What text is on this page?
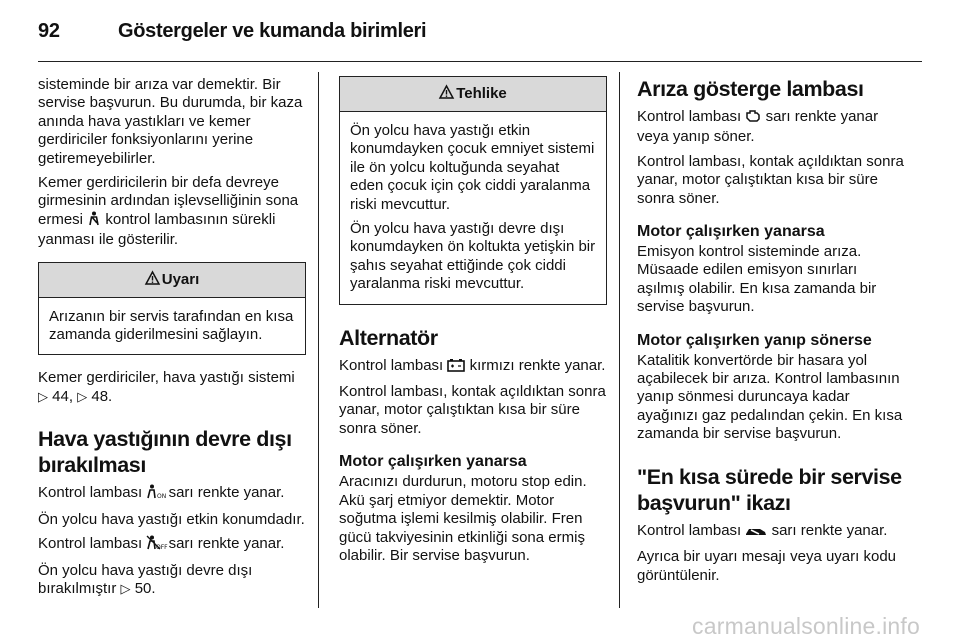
92	Göstergeler ve kumanda birimleri

sisteminde bir arıza var demektir. Bir servise başvurun. Bu durumda, bir kaza anında hava yastıkları ve kemer gerdiriciler fonksiyonlarını yerine getiremeyebilirler.

Kemer gerdiricilerin bir defa devreye girmesinin ardından işlevselliğinin sona ermesi kontrol lambasının sürekli yanması ile gösterilir.

Uyarı

Arızanın bir servis tarafından en kısa zamanda giderilmesini sağlayın.

Kemer gerdiriciler, hava yastığı sistemi ▷ 44, ▷ 48.

Hava yastığının devre dışı bırakılması

Kontrol lambası	ON sarı renkte yanar.

Ön yolcu hava yastığı etkin konumdadır.

Kontrol lambası OFF sarı renkte yanar.

Ön yolcu hava yastığı devre dışı bırakılmıştır ▷ 50.

Tehlike

Ön yolcu hava yastığı etkin konumdayken çocuk emniyet sistemi ile ön yolcu koltuğunda seyahat eden çocuk için çok ciddi yaralanma riski mevcuttur.

Ön yolcu hava yastığı devre dışı konumdayken ön koltukta yetişkin bir şahıs seyahat ettiğinde çok ciddi yaralanma riski mevcuttur.

Alternatör

Kontrol lambası kırmızı renkte yanar.

Kontrol lambası, kontak açıldıktan sonra yanar, motor çalıştıktan kısa bir süre sonra söner.

Motor çalışırken yanarsa

Aracınızı durdurun, motoru stop edin. Akü şarj etmiyor demektir. Motor soğutma işlemi kesilmiş olabilir. Fren gücü takviyesinin etkinliği sona ermiş olabilir. Bir servise başvurun.

Arıza gösterge lambası

Kontrol lambası sarı renkte yanar veya yanıp söner.

Kontrol lambası, kontak açıldıktan sonra yanar, motor çalıştıktan kısa bir süre sonra söner.

Motor çalışırken yanarsa

Emisyon kontrol sisteminde arıza. Müsaade edilen emisyon sınırları aşılmış olabilir. En kısa zamanda bir servise başvurun.

Motor çalışırken yanıp sönerse

Katalitik konvertörde bir hasara yol açabilecek bir arıza. Kontrol lambasının yanıp sönmesi duruncaya kadar ayağınızı gaz pedalından çekin. En kısa zamanda bir servise başvurun.

"En kısa sürede bir servise başvurun" ikazı

Kontrol lambası sarı renkte yanar.

Ayrıca bir uyarı mesajı veya uyarı kodu görüntülenir.

carmanualsonline.info
